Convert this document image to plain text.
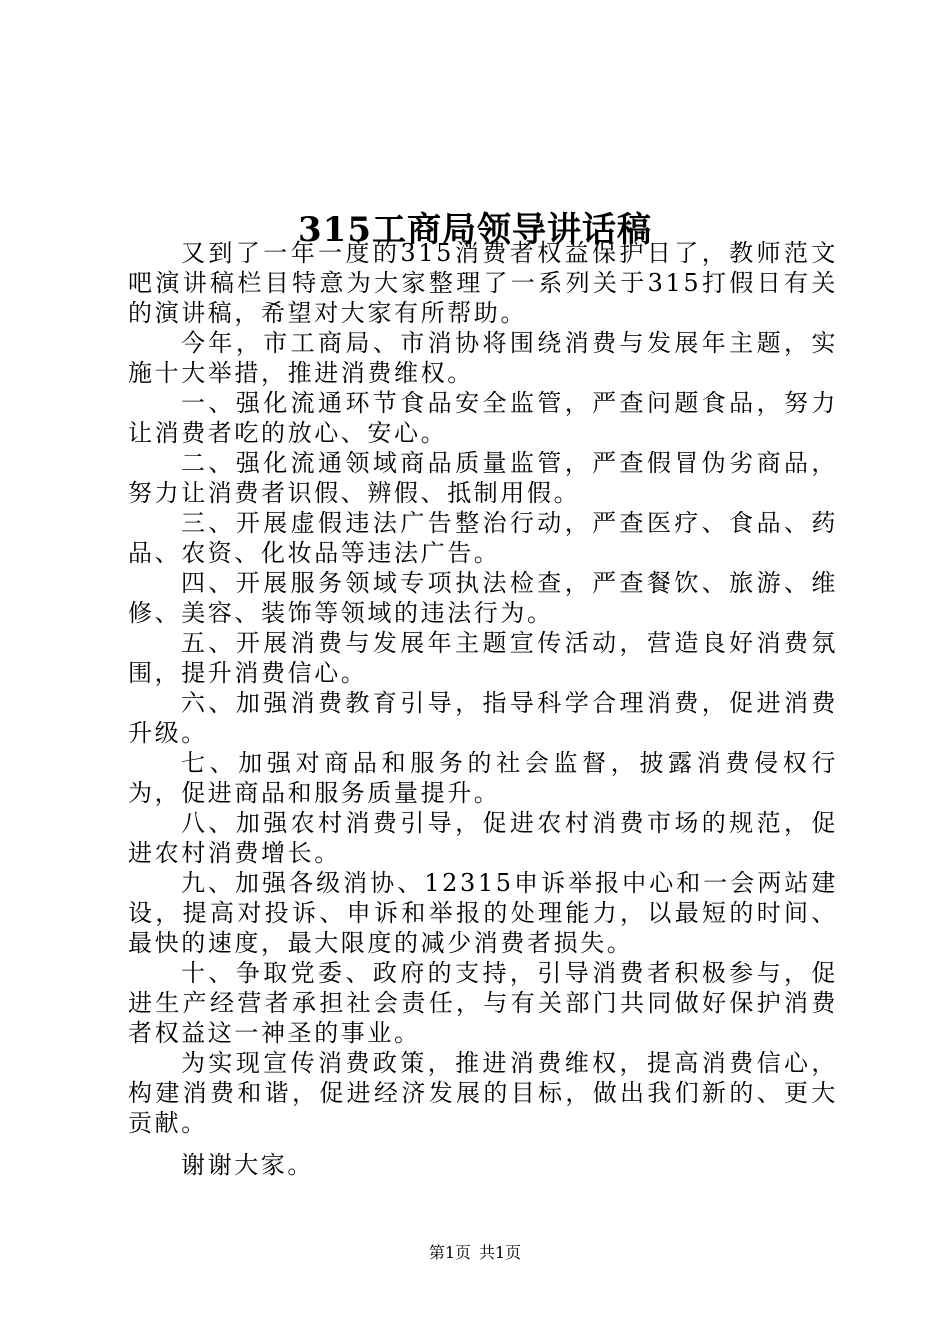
315工商局领导讲话稿

又到了一年一度的315消费者权益保护日了，教师范文吧演讲稿栏目特意为大家整理了一系列关于315打假日有关的演讲稿，希望对大家有所帮助。

今年，市工商局、市消协将围绕消费与发展年主题，实施十大举措，推进消费维权。

一、强化流通环节食品安全监管，严查问题食品，努力让消费者吃的放心、安心。

二、强化流通领域商品质量监管，严查假冒伪劣商品，努力让消费者识假、辨假、抵制用假。

三、开展虚假违法广告整治行动，严查医疗、食品、药品、农资、化妆品等违法广告。

四、开展服务领域专项执法检查，严查餐饮、旅游、维修、美容、装饰等领域的违法行为。

五、开展消费与发展年主题宣传活动，营造良好消费氛围，提升消费信心。

六、加强消费教育引导，指导科学合理消费，促进消费升级。

七、加强对商品和服务的社会监督，披露消费侵权行为，促进商品和服务质量提升。

八、加强农村消费引导，促进农村消费市场的规范，促进农村消费增长。

九、加强各级消协、12315申诉举报中心和一会两站建设，提高对投诉、申诉和举报的处理能力，以最短的时间、最快的速度，最大限度的减少消费者损失。

十、争取党委、政府的支持，引导消费者积极参与，促进生产经营者承担社会责任，与有关部门共同做好保护消费者权益这一神圣的事业。

为实现宣传消费政策，推进消费维权，提高消费信心，构建消费和谐，促进经济发展的目标，做出我们新的、更大贡献。

谢谢大家。

第1页 共1页
